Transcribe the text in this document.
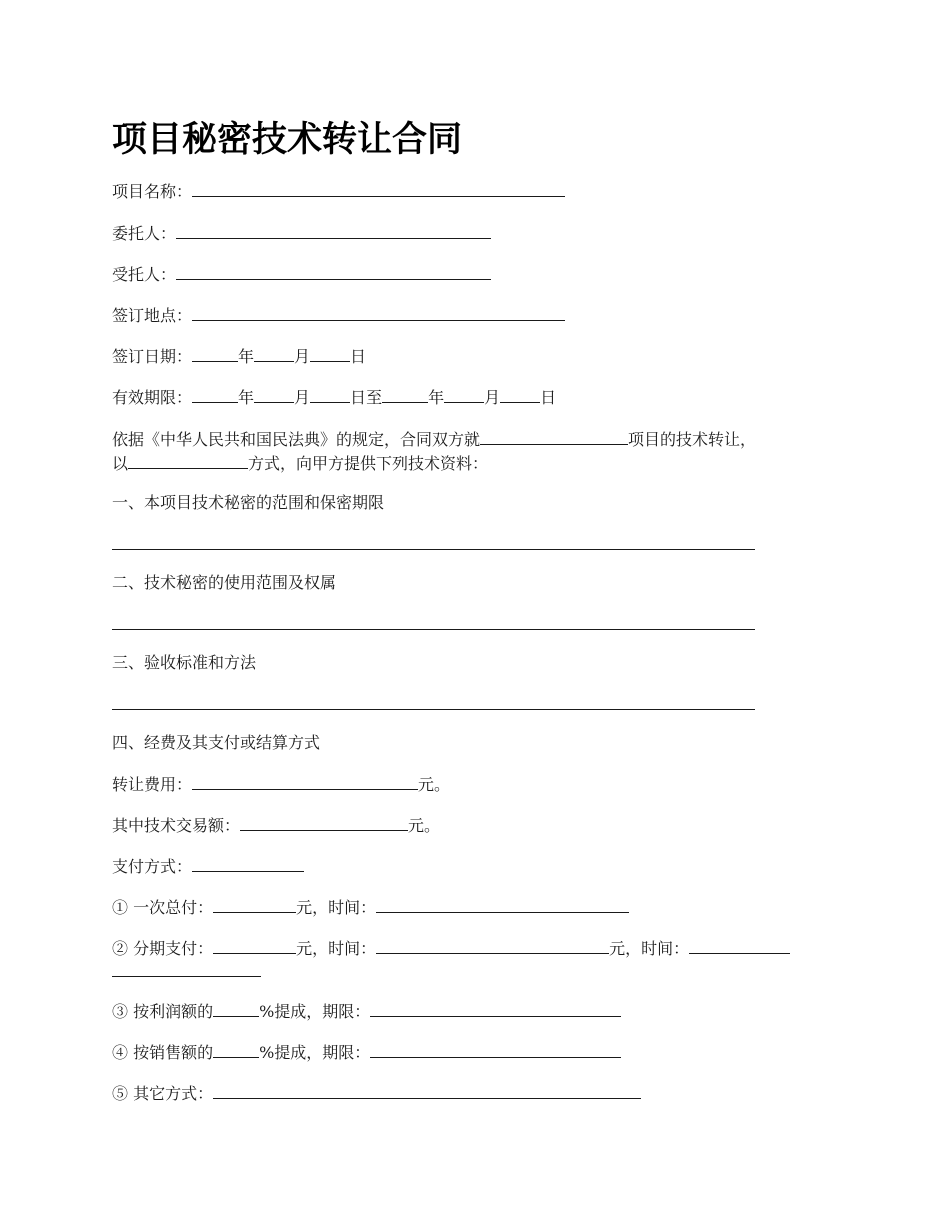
项目秘密技术转让合同
项目名称：
委托人：
受托人：
签订地点：
签订日期：	年	月	日
有效期限：	年	月	日至	年	月	日
依据《中华人民共和国民法典》的规定，合同双方就	项目的技术转让，
以	方式，向甲方提供下列技术资料：
一、本项目技术秘密的范围和保密期限
二、技术秘密的使用范围及权属
三、验收标准和方法
四、经费及其支付或结算方式
转让费用：	元。
其中技术交易额：	元。
支付方式：
① 一次总付：	元，时间：
② 分期支付：	元，时间：	元，时间：
③ 按利润额的	%提成，期限：
④ 按销售额的	%提成，期限：
⑤ 其它方式：
